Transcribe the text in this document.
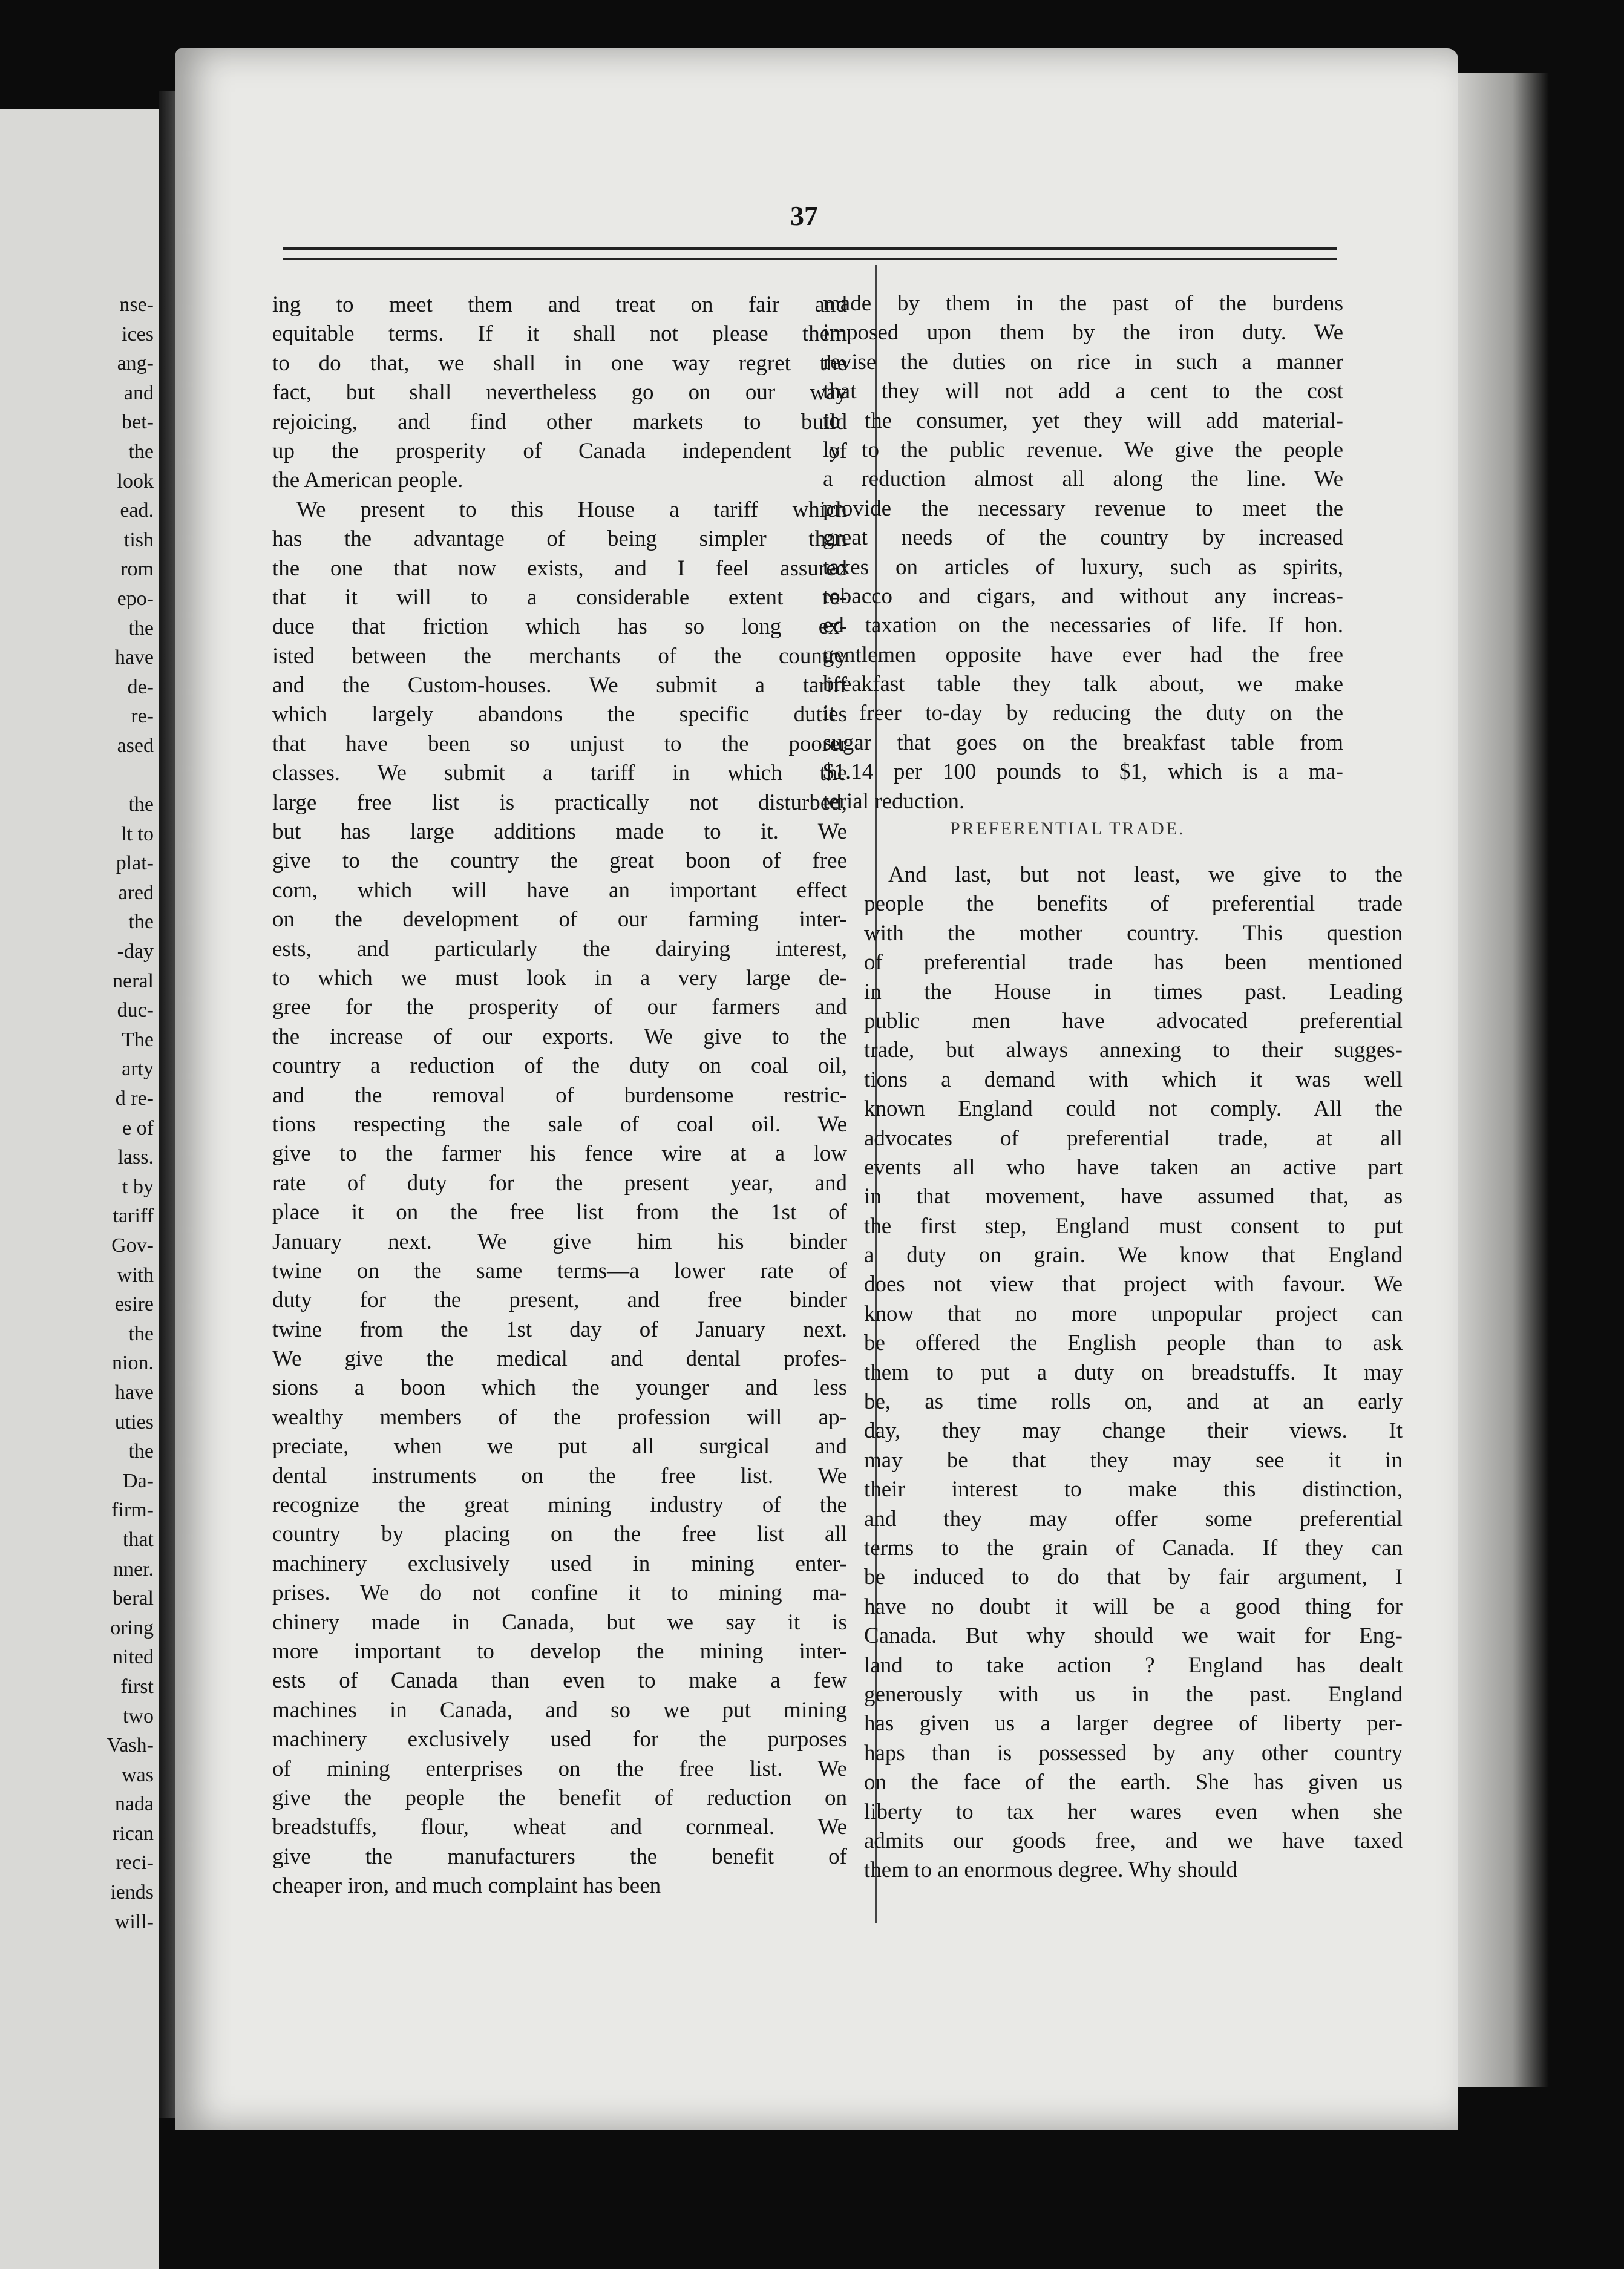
nse-
ices
ang-
and
bet-
the
look
ead.
tish
rom
epo-
the
have
de-
re-
ased
the
lt to
plat-
ared
the
-day
neral
duc-
The
arty
d re-
e of
lass.
t by
tariff
Gov-
with
esire
the
nion.
have
uties
the
Da-
firm-
that
nner.
beral
oring
nited
first
two
Vash-
was
nada
rican
reci-
iends
will-
37
ing to meet them and treat on fair and
equitable terms. If it shall not please them
to do that, we shall in one way regret the
fact, but shall nevertheless go on our way
rejoicing, and find other markets to build
up the prosperity of Canada independent of
the American people.
We present to this House a tariff which
has the advantage of being simpler than
the one that now exists, and I feel assured
that it will to a considerable extent re-
duce that friction which has so long ex-
isted between the merchants of the country
and the Custom-houses. We submit a tariff
which largely abandons the specific duties
that have been so unjust to the poorer
classes. We submit a tariff in which the
large free list is practically not disturbed,
but has large additions made to it. We
give to the country the great boon of free
corn, which will have an important effect
on the development of our farming inter-
ests, and particularly the dairying interest,
to which we must look in a very large de-
gree for the prosperity of our farmers and
the increase of our exports. We give to the
country a reduction of the duty on coal oil,
and the removal of burdensome restric-
tions respecting the sale of coal oil. We
give to the farmer his fence wire at a low
rate of duty for the present year, and
place it on the free list from the 1st of
January next. We give him his binder
twine on the same terms—a lower rate of
duty for the present, and free binder
twine from the 1st day of January next.
We give the medical and dental profes-
sions a boon which the younger and less
wealthy members of the profession will ap-
preciate, when we put all surgical and
dental instruments on the free list. We
recognize the great mining industry of the
country by placing on the free list all
machinery exclusively used in mining enter-
prises. We do not confine it to mining ma-
chinery made in Canada, but we say it is
more important to develop the mining inter-
ests of Canada than even to make a few
machines in Canada, and so we put mining
machinery exclusively used for the purposes
of mining enterprises on the free list. We
give the people the benefit of reduction on
breadstuffs, flour, wheat and cornmeal. We
give the manufacturers the benefit of
cheaper iron, and much complaint has been
made by them in the past of the burdens
imposed upon them by the iron duty. We
revise the duties on rice in such a manner
that they will not add a cent to the cost
to the consumer, yet they will add material-
ly to the public revenue. We give the people
a reduction almost all along the line. We
provide the necessary revenue to meet the
great needs of the country by increased
taxes on articles of luxury, such as spirits,
tobacco and cigars, and without any increas-
ed taxation on the necessaries of life. If hon.
gentlemen opposite have ever had the free
breakfast table they talk about, we make
it freer to-day by reducing the duty on the
sugar that goes on the breakfast table from
$1.14 per 100 pounds to $1, which is a ma-
terial reduction.
PREFERENTIAL TRADE.
And last, but not least, we give to the
people the benefits of preferential trade
with the mother country. This question
of preferential trade has been mentioned
in the House in times past. Leading
public men have advocated preferential
trade, but always annexing to their sugges-
tions a demand with which it was well
known England could not comply. All the
advocates of preferential trade, at all
events all who have taken an active part
in that movement, have assumed that, as
the first step, England must consent to put
a duty on grain. We know that England
does not view that project with favour. We
know that no more unpopular project can
be offered the English people than to ask
them to put a duty on breadstuffs. It may
be, as time rolls on, and at an early
day, they may change their views. It
may be that they may see it in
their interest to make this distinction,
and they may offer some preferential
terms to the grain of Canada. If they can
be induced to do that by fair argument, I
have no doubt it will be a good thing for
Canada. But why should we wait for Eng-
land to take action ? England has dealt
generously with us in the past. England
has given us a larger degree of liberty per-
haps than is possessed by any other country
on the face of the earth. She has given us
liberty to tax her wares even when she
admits our goods free, and we have taxed
them to an enormous degree. Why should
